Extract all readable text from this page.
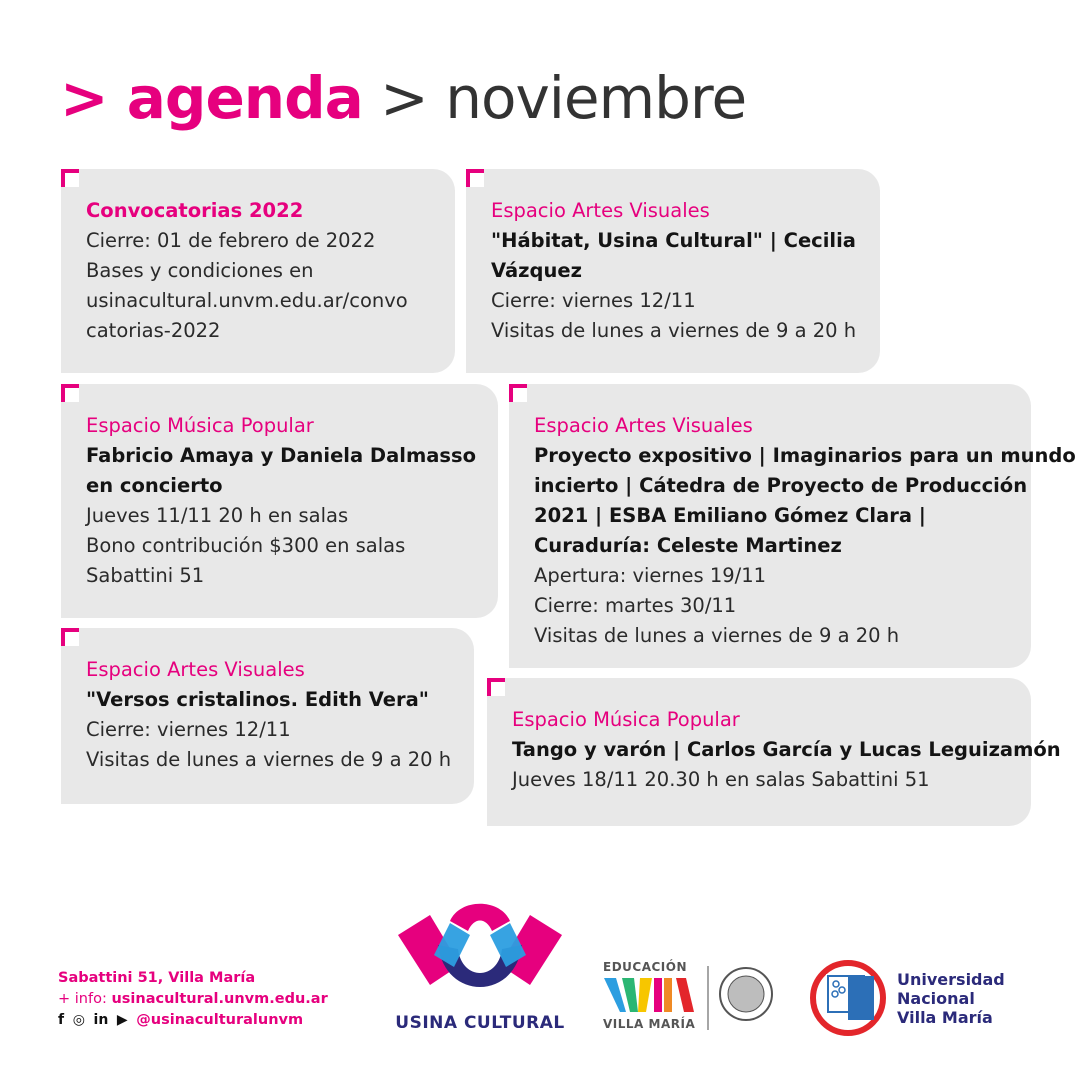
> agenda > noviembre
Convocatorias 2022
Cierre: 01 de febrero de 2022
Bases y condiciones en
usinacultural.unvm.edu.ar/convo
catorias-2022
Espacio Artes Visuales
"Hábitat, Usina Cultural" | Cecilia
Vázquez
Cierre: viernes 12/11
Visitas de lunes a viernes de 9 a 20 h
Espacio Música Popular
Fabricio Amaya y Daniela Dalmasso
en concierto
Jueves 11/11 20 h en salas
Bono contribución $300 en salas
Sabattini 51
Espacio Artes Visuales
Proyecto expositivo | Imaginarios para un mundo
incierto | Cátedra de Proyecto de Producción
2021 | ESBA Emiliano Gómez Clara |
Curaduría: Celeste Martinez
Apertura: viernes 19/11
Cierre: martes 30/11
Visitas de lunes a viernes de 9 a 20 h
Espacio Artes Visuales
"Versos cristalinos. Edith Vera"
Cierre: viernes 12/11
Visitas de lunes a viernes de 9 a 20 h
Espacio Música Popular
Tango y varón | Carlos García y Lucas Leguizamón
Jueves 18/11 20.30 h en salas Sabattini 51
Sabattini 51, Villa María
+ info: usinacultural.unvm.edu.ar
f ◎ in ▶ @usinaculturalunvm	USINA CULTURAL
EDUCACIÓN
VILLA MARÍA
Universidad
Nacional
Villa María
